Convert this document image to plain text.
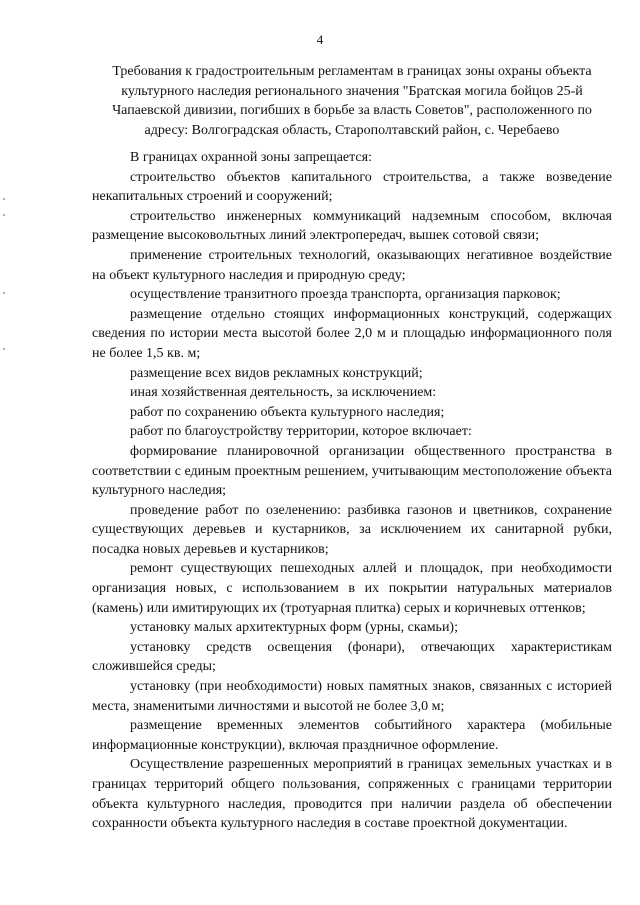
4
Требования к градостроительным регламентам в границах зоны охраны объекта культурного наследия регионального значения "Братская могила бойцов 25-й Чапаевской дивизии, погибших в борьбе за власть Советов", расположенного по адресу: Волгоградская область, Старополтавский район, с. Черебаево

В границах охранной зоны запрещается:

строительство объектов капитального строительства, а также возведение некапитальных строений и сооружений;

строительство инженерных коммуникаций надземным способом, включая размещение высоковольтных линий электропередач, вышек сотовой связи;

применение строительных технологий, оказывающих негативное воздействие на объект культурного наследия и природную среду;

осуществление транзитного проезда транспорта, организация парковок;

размещение отдельно стоящих информационных конструкций, содержащих сведения по истории места высотой более 2,0 м и площадью информационного поля не более 1,5 кв. м;

размещение всех видов рекламных конструкций;

иная хозяйственная деятельность, за исключением:

работ по сохранению объекта культурного наследия;

работ по благоустройству территории, которое включает:

формирование планировочной организации общественного пространства в соответствии с единым проектным решением, учитывающим местоположение объекта культурного наследия;

проведение работ по озеленению: разбивка газонов и цветников, сохранение существующих деревьев и кустарников, за исключением их санитарной рубки, посадка новых деревьев и кустарников;

ремонт существующих пешеходных аллей и площадок, при необходимости организация новых, с использованием в их покрытии натуральных материалов (камень) или имитирующих их (тротуарная плитка) серых и коричневых оттенков;

установку малых архитектурных форм (урны, скамьи);

установку средств освещения (фонари), отвечающих характеристикам сложившейся среды;

установку (при необходимости) новых памятных знаков, связанных с историей места, знаменитыми личностями и высотой не более 3,0 м;

размещение временных элементов событийного характера (мобильные информационные конструкции), включая праздничное оформление.

Осуществление разрешенных мероприятий в границах земельных участках и в границах территорий общего пользования, сопряженных с границами территории объекта культурного наследия, проводится при наличии раздела об обеспечении сохранности объекта культурного наследия в составе проектной документации.
